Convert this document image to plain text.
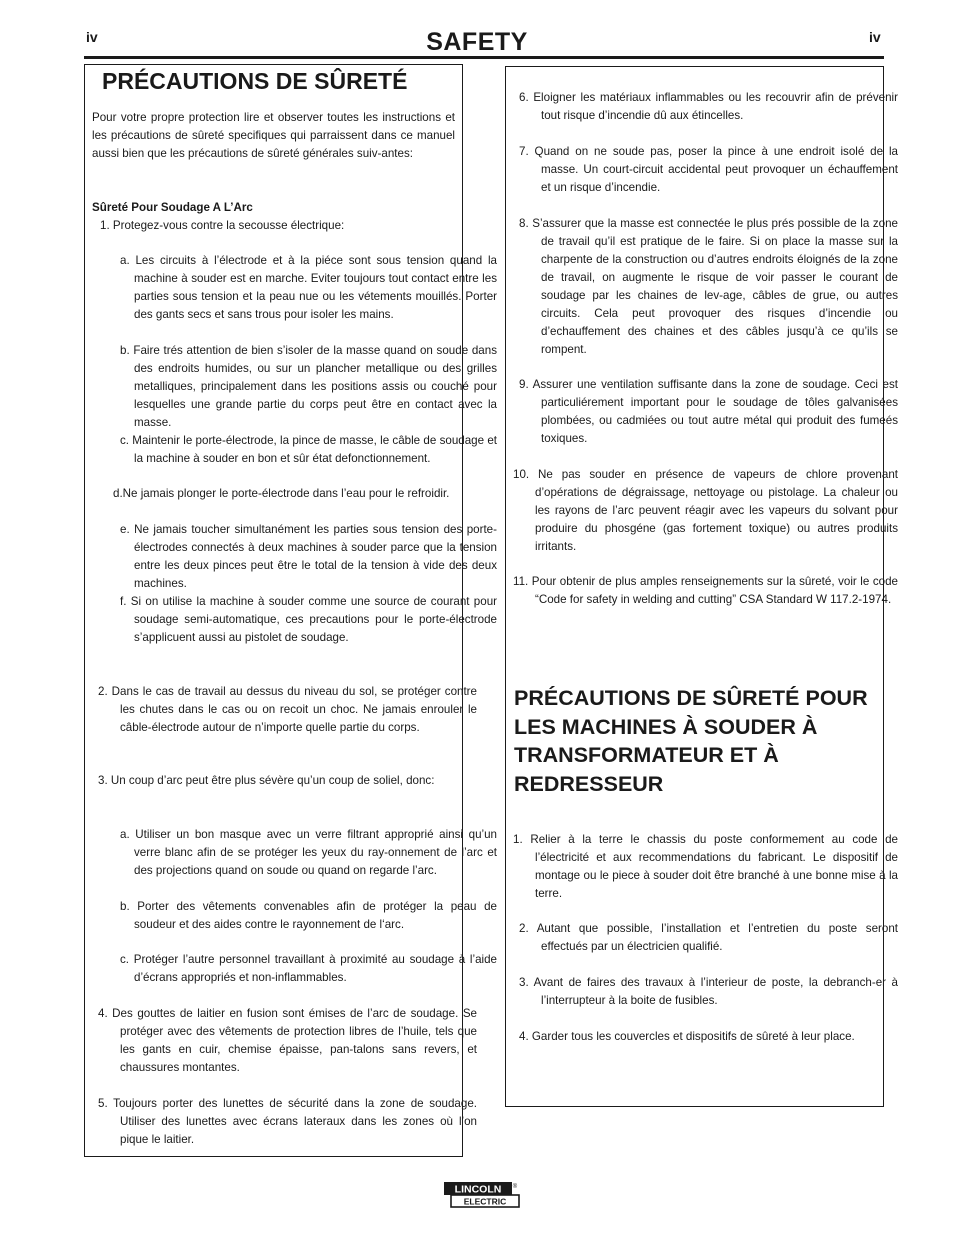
iv	iv
SAFETY
PRÉCAUTIONS DE SÛRETÉ
Pour votre propre protection lire et observer toutes les instructions et les précautions de sûreté specifiques qui parraissent dans ce manuel aussi bien que les précautions de sûreté générales suiv-antes:
Sûreté Pour Soudage A L’Arc
1. Protegez-vous contre la secousse électrique:
a. Les circuits à l’électrode et à la piéce sont sous tension quand la machine à souder est en marche. Eviter toujours tout contact entre les parties sous tension et la peau nue ou les vétements mouillés. Porter des gants secs et sans trous pour isoler les mains.
b. Faire trés attention de bien s’isoler de la masse quand on soude dans des endroits humides, ou sur un plancher metallique ou des grilles metalliques, principalement dans les positions assis ou couché pour lesquelles une grande partie du corps peut être en contact avec la masse.
c. Maintenir le porte-électrode, la pince de masse, le câble de soudage et la machine à souder en bon et sûr état defonctionnement.
d.Ne jamais plonger le porte-électrode dans l’eau pour le refroidir.
e. Ne jamais toucher simultanément les parties sous tension des porte-électrodes connectés à deux machines à souder parce que la tension entre les deux pinces peut être le total de la tension à vide des deux machines.
f. Si on utilise la machine à souder comme une source de courant pour soudage semi-automatique, ces precautions pour le porte-électrode s’applicuent aussi au pistolet de soudage.
2. Dans le cas de travail au dessus du niveau du sol, se protéger contre les chutes dans le cas ou on recoit un choc. Ne jamais enrouler le câble-électrode autour de n’importe quelle partie du corps.
3. Un coup d’arc peut être plus sévère qu’un coup de soliel, donc:
a. Utiliser un bon masque avec un verre filtrant approprié ainsi qu’un verre blanc afin de se protéger les yeux du ray-onnement de l’arc et des projections quand on soude ou quand on regarde l’arc.
b. Porter des vêtements convenables afin de protéger la peau de soudeur et des aides contre le rayonnement de l‘arc.
c. Protéger l’autre personnel travaillant à proximité au soudage à l’aide d’écrans appropriés et non-inflammables.
4. Des gouttes de laitier en fusion sont émises de l’arc de soudage. Se protéger avec des vêtements de protection libres de l’huile, tels que les gants en cuir, chemise épaisse, pan-talons sans revers, et chaussures montantes.
5. Toujours porter des lunettes de sécurité dans la zone de soudage. Utiliser des lunettes avec écrans lateraux dans les zones où l’on pique le laitier.
6. Eloigner les matériaux inflammables ou les recouvrir afin de prévenir tout risque d’incendie dû aux étincelles.
7. Quand on ne soude pas, poser la pince à une endroit isolé de la masse. Un court-circuit accidental peut provoquer un échauffement et un risque d’incendie.
8. S’assurer que la masse est connectée le plus prés possible de la zone de travail qu’il est pratique de le faire. Si on place la masse sur la charpente de la construction ou d’autres endroits éloignés de la zone de travail, on augmente le risque de voir passer le courant de soudage par les chaines de lev-age, câbles de grue, ou autres circuits. Cela peut provoquer des risques d’incendie ou d’echauffement des chaines et des câbles jusqu’à ce qu’ils se rompent.
9. Assurer une ventilation suffisante dans la zone de soudage. Ceci est particuliérement important pour le soudage de tôles galvanisées plombées, ou cadmiées ou tout autre métal qui produit des fumeés toxiques.
10. Ne pas souder en présence de vapeurs de chlore provenant d’opérations de dégraissage, nettoyage ou pistolage. La chaleur ou les rayons de l’arc peuvent réagir avec les vapeurs du solvant pour produire du phosgéne (gas fortement toxique) ou autres produits irritants.
11. Pour obtenir de plus amples renseignements sur la sûreté, voir le code “Code for safety in welding and cutting” CSA Standard W 117.2-1974.
PRÉCAUTIONS DE SÛRETÉ POUR LES MACHINES À SOUDER À TRANSFORMATEUR ET À REDRESSEUR
1. Relier à la terre le chassis du poste conformement au code de l’électricité et aux recommendations du fabricant. Le dispositif de montage ou le piece à souder doit être branché à une bonne mise à la terre.
2. Autant que possible, l’installation et l’entretien du poste seront effectués par un électricien qualifié.
3. Avant de faires des travaux à l’interieur de poste, la debranch-er à l’interrupteur à la boite de fusibles.
4. Garder tous les couvercles et dispositifs de sûreté à leur place.
LINCOLN ®
ELECTRIC
